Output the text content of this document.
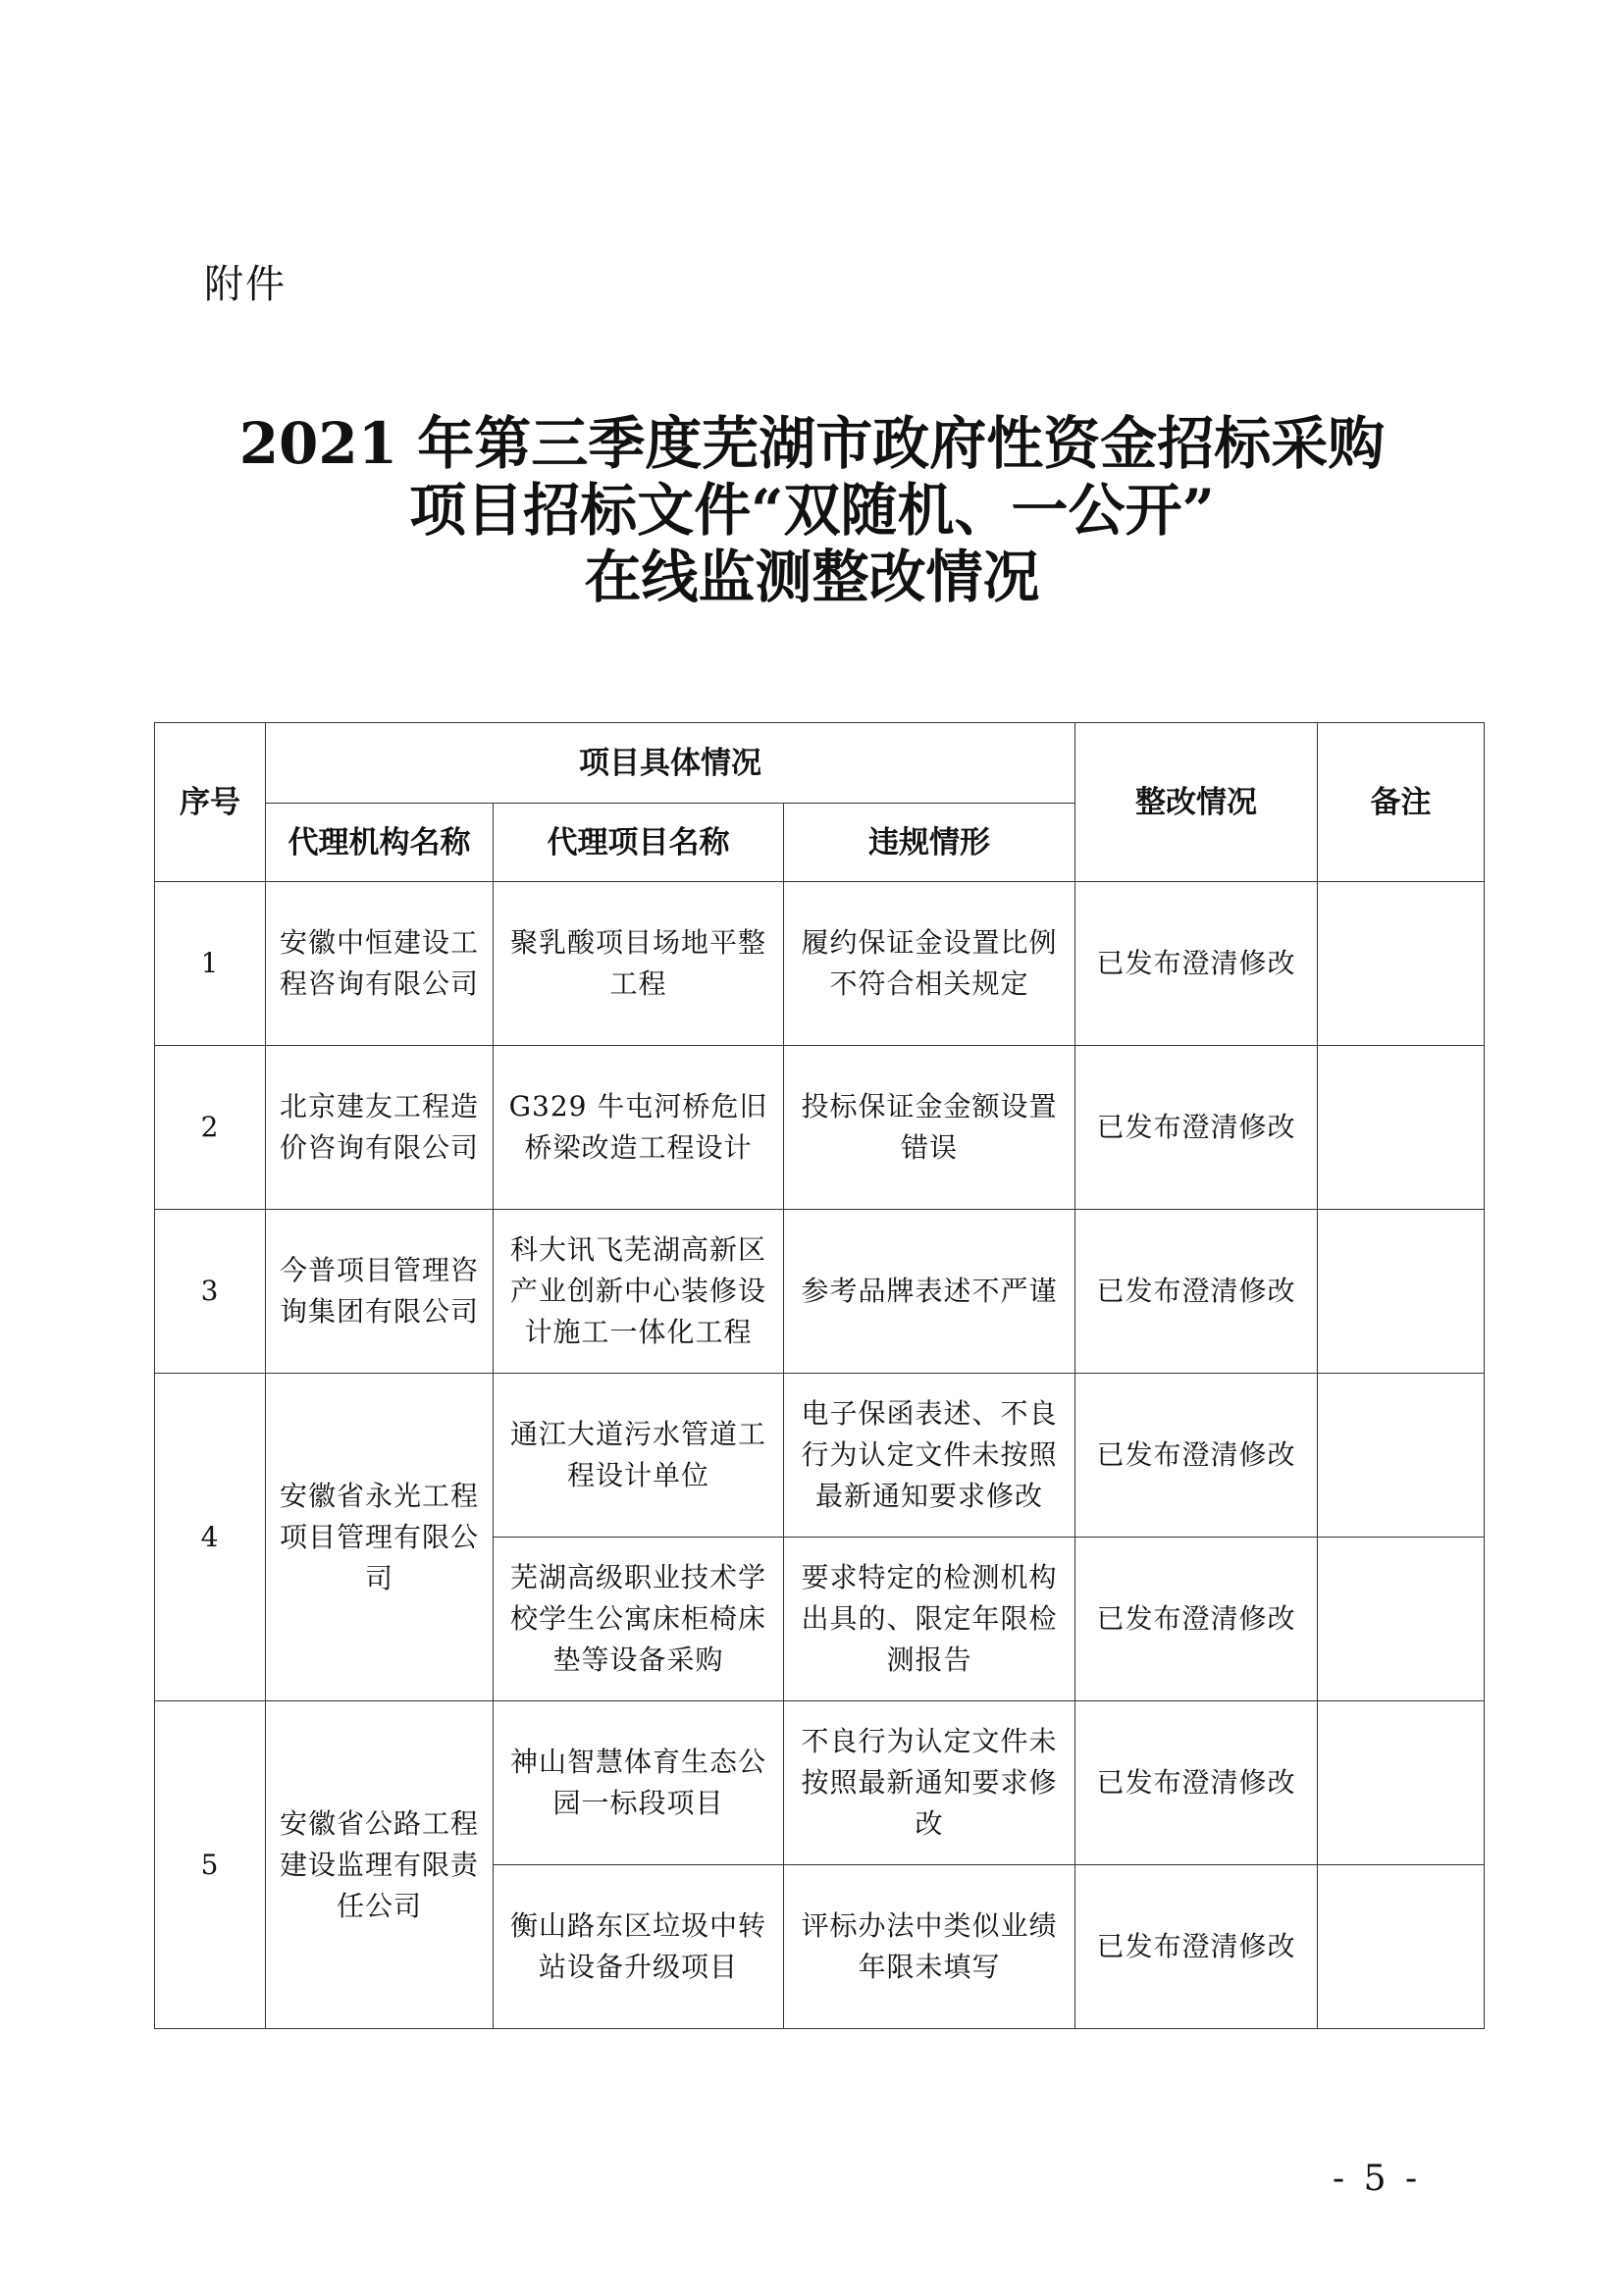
附件
2021 年第三季度芜湖市政府性资金招标采购
项目招标文件“双随机、一公开”
在线监测整改情况
序号	项目具体情况			整改情况	备注
	代理机构名称	代理项目名称	违规情形		
1	安徽中恒建设工程咨询有限公司	聚乳酸项目场地平整工程	履约保证金设置比例不符合相关规定	已发布澄清修改	
2	北京建友工程造价咨询有限公司	G329 牛屯河桥危旧桥梁改造工程设计	投标保证金金额设置错误	已发布澄清修改	
3	今普项目管理咨询集团有限公司	科大讯飞芜湖高新区产业创新中心装修设计施工一体化工程	参考品牌表述不严谨	已发布澄清修改	
4	安徽省永光工程项目管理有限公司	通江大道污水管道工程设计单位	电子保函表述、不良行为认定文件未按照最新通知要求修改	已发布澄清修改	
		芜湖高级职业技术学校学生公寓床柜椅床垫等设备采购	要求特定的检测机构出具的、限定年限检测报告	已发布澄清修改	
5	安徽省公路工程建设监理有限责任公司	神山智慧体育生态公园一标段项目	不良行为认定文件未按照最新通知要求修改	已发布澄清修改	
		衡山路东区垃圾中转站设备升级项目	评标办法中类似业绩年限未填写	已发布澄清修改	
- 5 -
